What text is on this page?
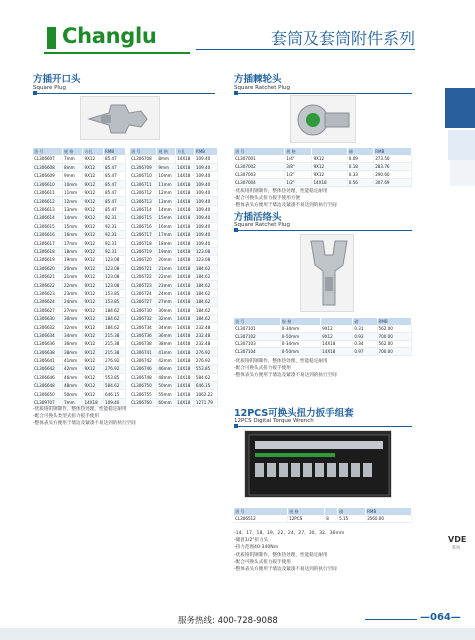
Changlu	套筒及套筒附件系列
方插开口头
Square Plug
货 号	规 格	方孔	RMB
CL306607	7mm	9X12	85.47
CL306608	8mm	9X12	85.47
CL306609	9mm	9X12	85.47
CL306610	10mm	9X12	85.47
CL306611	11mm	9X12	85.47
CL306612	12mm	9X12	85.47
CL306613	13mm	9X12	85.47
CL306614	14mm	9X12	92.31
CL306615	15mm	9X12	92.31
CL306616	16mm	9X12	92.31
CL306617	17mm	9X12	92.31
CL306618	18mm	9X12	92.31
CL306619	19mm	9X12	123.08
CL306620	20mm	9X12	123.08
CL306621	21mm	9X12	123.08
CL306622	22mm	9X12	123.08
CL306623	23mm	9X12	153.85
CL306624	24mm	9X12	153.85
CL306627	27mm	9X12	184.62
CL306630	30mm	9X12	184.62
CL306632	32mm	9X12	184.62
CL306634	34mm	9X12	215.38
CL306636	36mm	9X12	215.38
CL306638	38mm	9X12	215.38
CL306641	41mm	9X12	276.92
CL306642	42mm	9X12	276.92
CL306646	46mm	9X12	553.85
CL306648	48mm	9X12	584.62
CL306650	50mm	9X12	646.15
CL309707	7mm	14X18	109.40
货 号	规 格	方孔	RMB
CL306708	8mm	14X18	109.40
CL306709	9mm	14X18	109.40
CL306710	10mm	14X18	109.40
CL306711	11mm	14X18	109.40
CL306712	12mm	14X18	109.40
CL306713	13mm	14X18	109.40
CL306714	14mm	14X18	109.40
CL306715	15mm	14X18	109.40
CL306716	16mm	14X18	109.40
CL306717	17mm	14X18	109.40
CL306718	18mm	14X18	109.40
CL306719	19mm	14X18	123.08
CL306720	20mm	14X18	123.08
CL306721	21mm	14X18	184.62
CL306722	22mm	14X18	184.62
CL306723	23mm	14X18	184.62
CL306724	24mm	14X18	184.62
CL306727	27mm	14X18	184.62
CL306730	30mm	14X18	184.62
CL306732	32mm	14X18	184.62
CL306734	34mm	14X18	232.48
CL306736	36mm	14X18	232.48
CL306738	38mm	14X18	232.48
CL306741	41mm	14X18	276.92
CL306742	42mm	14X18	276.92
CL306746	46mm	14X18	553.85
CL306748	48mm	14X18	584.62
CL306750	50mm	14X18	646.15
CL306755	55mm	14X18	1062.22
CL306760	60mm	14X18	1271.79
-优质铬钒钢制作，整体热处理，性能稳定耐用
-配合可换头类型式扭力扳手使用
-整体表头方便用于墙边及紧凑不易达到的执行空间
方插棘轮头
Square Ratchet Plug
货 号	规 格		磅	RMB
CL307001	1/4"	9X12	0.09	273.50
CL307002	3/8"	9X12	0.18	283.76
CL307003	1/2"	9X12	0.33	290.60
CL307004	1/2"	14X18	0.56	307.69
-优质铬钒钢制作，整体热处理，性能稳定耐用
-配合可换头式扭力扳手使用方便
-整体表头方便用于墙边及紧凑不易达到的执行空间
方插活络头
Square Ratchet Plug
货 号	规 格		磅	RMB
CL307101	0-34mm	9X12	0.31	562.00
CL307102	0-50mm	9X12	0.93	700.00
CL307103	0-34mm	14X18	0.34	562.00
CL307104	0-50mm	14X18	0.97	700.00
-优质铬钒钢制作，整体热处理，性能稳定耐用
-配合可换头式扭力扳手使用
-整体表头方便用于墙边及紧凑不易达到的执行空间
12PCS可换头扭力扳手组套
12PCS Digital Torque Wrench
货 号	规 格		磅	RMB
CL306512	12PCS	8	5.15	3560.00
-14、17、18、19、22、24、27、30、32、36mm
-储普1/2"扭力头
-扭力范围40-340Nm
-优质铬钒钢制作，整体热处理，性能稳定耐用
-配合可换头式扭力扳手使用
-整体表头方便用于墙边及紧凑不易达到的执行空间
VDE
系列
服务热线: 400-728-9088	—064—
